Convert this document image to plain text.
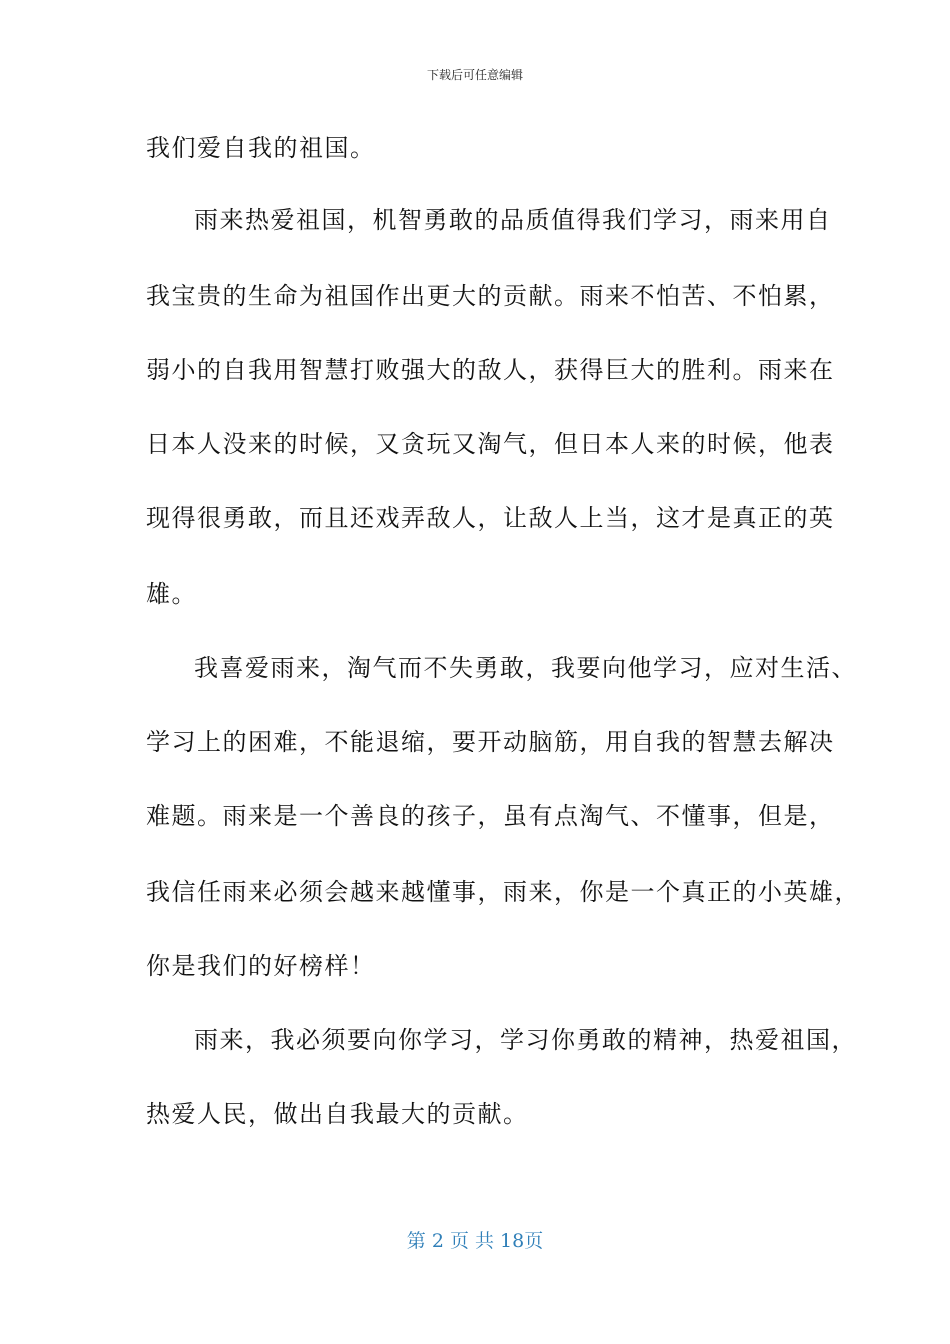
下载后可任意编辑
我们爱自我的祖国。
雨来热爱祖国，机智勇敢的品质值得我们学习，雨来用自
我宝贵的生命为祖国作出更大的贡献。雨来不怕苦、不怕累，
弱小的自我用智慧打败强大的敌人，获得巨大的胜利。雨来在
日本人没来的时候，又贪玩又淘气，但日本人来的时候，他表
现得很勇敢，而且还戏弄敌人，让敌人上当，这才是真正的英
雄。
我喜爱雨来，淘气而不失勇敢，我要向他学习，应对生活、
学习上的困难，不能退缩，要开动脑筋，用自我的智慧去解决
难题。雨来是一个善良的孩子，虽有点淘气、不懂事，但是，
我信任雨来必须会越来越懂事，雨来，你是一个真正的小英雄，
你是我们的好榜样！
雨来，我必须要向你学习，学习你勇敢的精神，热爱祖国，
热爱人民，做出自我最大的贡献。
第 2 页 共 18页
